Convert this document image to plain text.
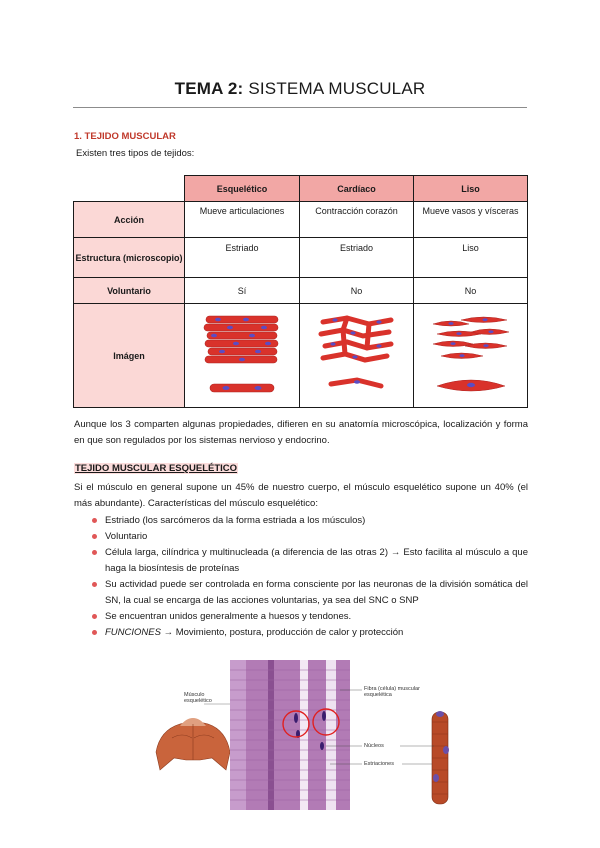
TEMA 2: SISTEMA MUSCULAR
1. TEJIDO MUSCULAR
Existen tres tipos de tejidos:
	Esquelético	Cardíaco	Liso
Acción	Mueve articulaciones	Contracción corazón	Mueve vasos y vísceras
Estructura (microscopio)	Estriado	Estriado	Liso
Voluntario	Sí	No	No
Imágen	

Aunque los 3 comparten algunas propiedades, difieren en su anatomía microscópica, localización y forma en que son regulados por los sistemas nervioso y endocrino.
TEJIDO MUSCULAR ESQUELÉTICO
Si el músculo en general supone un 45% de nuestro cuerpo, el músculo esquelético supone un 40% (el más abundante). Características del músculo esquelético:
Estriado (los sarcómeros da la forma estriada a los músculos)
Voluntario
Célula larga, cilíndrica y multinucleada (a diferencia de las otras 2) → Esto facilita al músculo a que haga la biosíntesis de proteínas
Su actividad puede ser controlada en forma consciente por las neuronas de la división somática del SN, la cual se encarga de las acciones voluntarias, ya sea del SNC o SNP
Se encuentran unidos generalmente a huesos y tendones.
FUNCIONES → Movimiento, postura, producción de calor y protección
Músculo esquelético
Fibra (célula) muscular esquelética
Núcleos
Estriaciones
